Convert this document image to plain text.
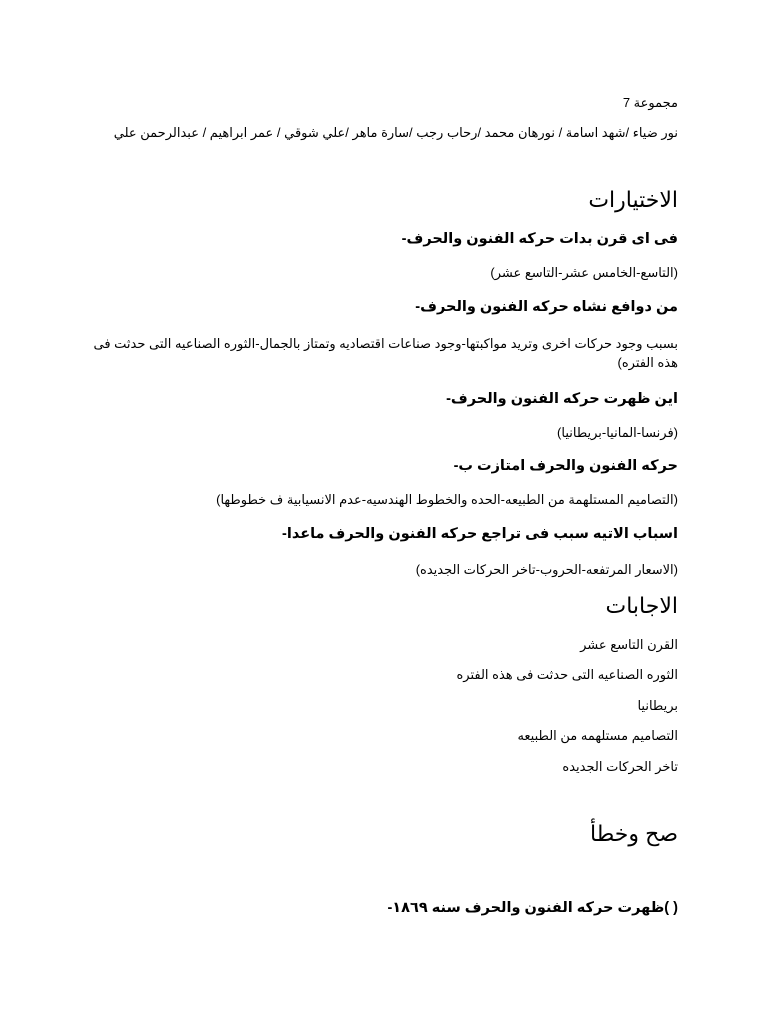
مجموعة 7
نور ضياء /شهد اسامة / نورهان محمد /رحاب رجب /سارة ماهر /علي شوقي / عمر ابراهيم / عبدالرحمن علي
الاختيارات
فى اى قرن بدات حركه الفنون والحرف-
(التاسع-الخامس عشر-التاسع عشر)
من دوافع نشاه حركه الفنون والحرف-
بسبب وجود حركات اخرى وتريد مواكبتها-وجود صناعات اقتصاديه وتمتاز بالجمال-الثوره الصناعيه التى حدثت فى هذه الفتره)
اين ظهرت حركه الفنون والحرف-
(فرنسا-المانيا-بريطانيا)
حركه الفنون والحرف امتازت ب-
(التصاميم المستلهمة من الطبيعه-الحده والخطوط الهندسيه-عدم الانسيابية ف خطوطها)
اسباب الاتيه سبب فى تراجع حركه الفنون والحرف ماعدا-
(الاسعار المرتفعه-الحروب-تاخر الحركات الجديده)
الاجابات
القرن التاسع عشر
الثوره الصناعيه التى حدثت فى هذه الفتره
بريطانيا
التصاميم مستلهمه من الطبيعه
تاخر الحركات الجديده
صح وخطأ
( )ظهرت حركه الفنون والحرف سنه ١٨٦٩-
